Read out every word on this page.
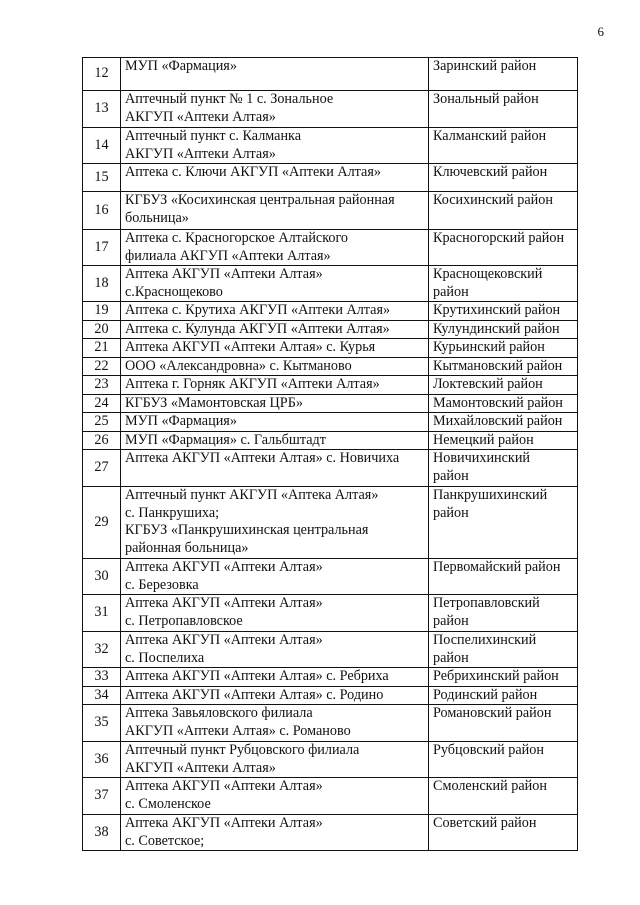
6
12	МУП «Фармация»	Заринский район
13	Аптечный пункт № 1 с. Зональное
АКГУП «Аптеки Алтая»	Зональный район
14	Аптечный пункт с. Калманка
АКГУП «Аптеки Алтая»	Калманский район
15	Аптека с. Ключи АКГУП «Аптеки Алтая»	Ключевский район
16	КГБУЗ «Косихинская центральная районная
больница»	Косихинский район
17	Аптека с. Красногорское Алтайского
филиала АКГУП «Аптеки Алтая»	Красногорский район
18	Аптека АКГУП «Аптеки Алтая»
с.Краснощеково	Краснощековский
район
19	Аптека с. Крутиха АКГУП «Аптеки Алтая»	Крутихинский район
20	Аптека с. Кулунда АКГУП «Аптеки Алтая»	Кулундинский район
21	Аптека АКГУП «Аптеки Алтая» с. Курья	Курьинский район
22	ООО «Александровна» с. Кытманово	Кытмановский район
23	Аптека г. Горняк АКГУП «Аптеки Алтая»	Локтевский район
24	КГБУЗ «Мамонтовская ЦРБ»	Мамонтовский район
25	МУП «Фармация»	Михайловский район
26	МУП «Фармация» с. Гальбштадт	Немецкий район
27	Аптека АКГУП «Аптеки Алтая» с. Новичиха	Новичихинский
район
29	Аптечный пункт АКГУП «Аптека Алтая»
с. Панкрушиха;
КГБУЗ «Панкрушихинская центральная
районная больница»	Панкрушихинский
район
30	Аптека АКГУП «Аптеки Алтая»
с. Березовка	Первомайский район
31	Аптека АКГУП «Аптеки Алтая»
с. Петропавловское	Петропавловский
район
32	Аптека АКГУП «Аптеки Алтая»
с. Поспелиха	Поспелихинский
район
33	Аптека АКГУП «Аптеки Алтая» с. Ребриха	Ребрихинский район
34	Аптека АКГУП «Аптеки Алтая» с. Родино	Родинский район
35	Аптека Завьяловского филиала
АКГУП «Аптеки Алтая» с. Романово	Романовский район
36	Аптечный пункт Рубцовского филиала
АКГУП «Аптеки Алтая»	Рубцовский район
37	Аптека АКГУП «Аптеки Алтая»
с. Смоленское	Смоленский район
38	Аптека АКГУП «Аптеки Алтая»
с. Советское;	Советский район
